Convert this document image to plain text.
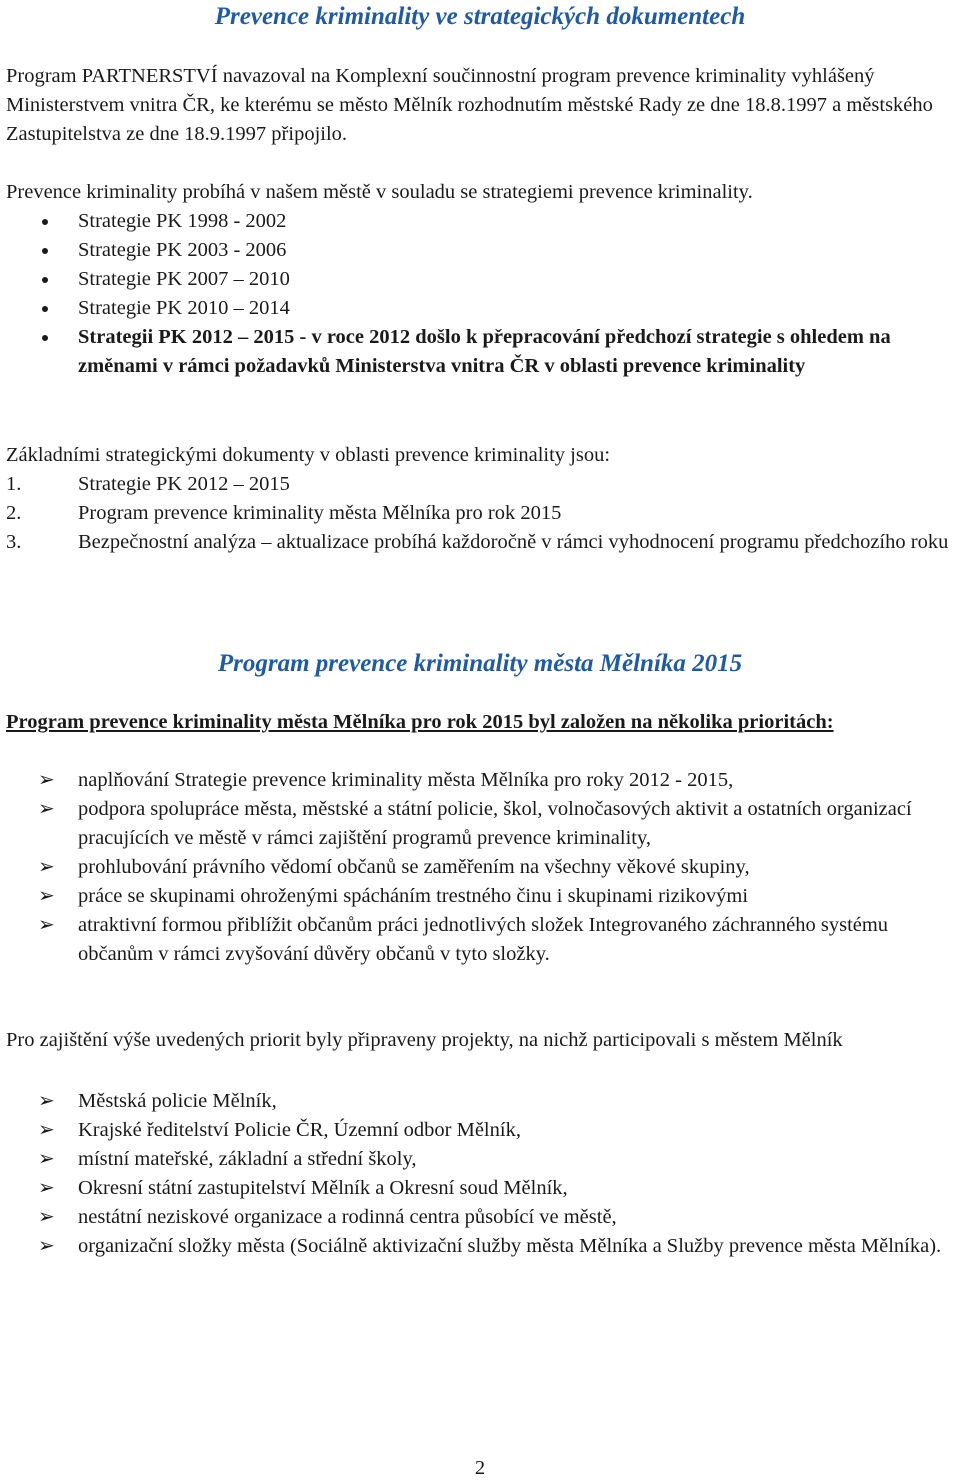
Prevence kriminality ve strategických dokumentech

Program PARTNERSTVÍ navazoval na Komplexní součinnostní program prevence kriminality vyhlášený Ministerstvem vnitra ČR, ke kterému se město Mělník rozhodnutím městské Rady ze dne 18.8.1997 a městského Zastupitelstva ze dne 18.9.1997 připojilo.

Prevence kriminality probíhá v našem městě v souladu se strategiemi prevence kriminality.

Strategie PK 1998 - 2002
Strategie PK 2003 - 2006
Strategie PK 2007 – 2010
Strategie PK 2010 – 2014
Strategii PK 2012 – 2015 - v roce 2012 došlo k přepracování předchozí strategie s ohledem na změnami v rámci požadavků Ministerstva vnitra ČR v oblasti prevence kriminality

Základními strategickými dokumenty v oblasti prevence kriminality jsou:

1.	Strategie PK 2012 – 2015
2.	Program prevence kriminality města Mělníka pro rok 2015
3.	Bezpečnostní analýza – aktualizace probíhá každoročně v rámci vyhodnocení programu předchozího roku
Program prevence kriminality města Mělníka 2015

Program prevence kriminality města Mělníka pro rok 2015 byl založen na několika prioritách:

➢ naplňování Strategie prevence kriminality města Mělníka pro roky 2012 - 2015,
➢ podpora spolupráce města, městské a státní policie, škol, volnočasových aktivit a ostatních organizací pracujících ve městě v rámci zajištění programů prevence kriminality,
➢ prohlubování právního vědomí občanů se zaměřením na všechny věkové skupiny,
➢ práce se skupinami ohroženými spácháním trestného činu i skupinami rizikovými
➢ atraktivní formou přiblížit občanům práci jednotlivých složek Integrovaného záchranného systému občanům v rámci zvyšování důvěry občanů v tyto složky.

Pro zajištění výše uvedených priorit byly připraveny projekty, na nichž participovali s městem Mělník

➢ Městská policie Mělník,
➢ Krajské ředitelství Policie ČR, Územní odbor Mělník,
➢ místní mateřské, základní a střední školy,
➢ Okresní státní zastupitelství Mělník a Okresní soud Mělník,
➢ nestátní neziskové organizace a rodinná centra působící ve městě,
➢ organizační složky města (Sociálně aktivizační služby města Mělníka a Služby prevence města Mělníka).
2
